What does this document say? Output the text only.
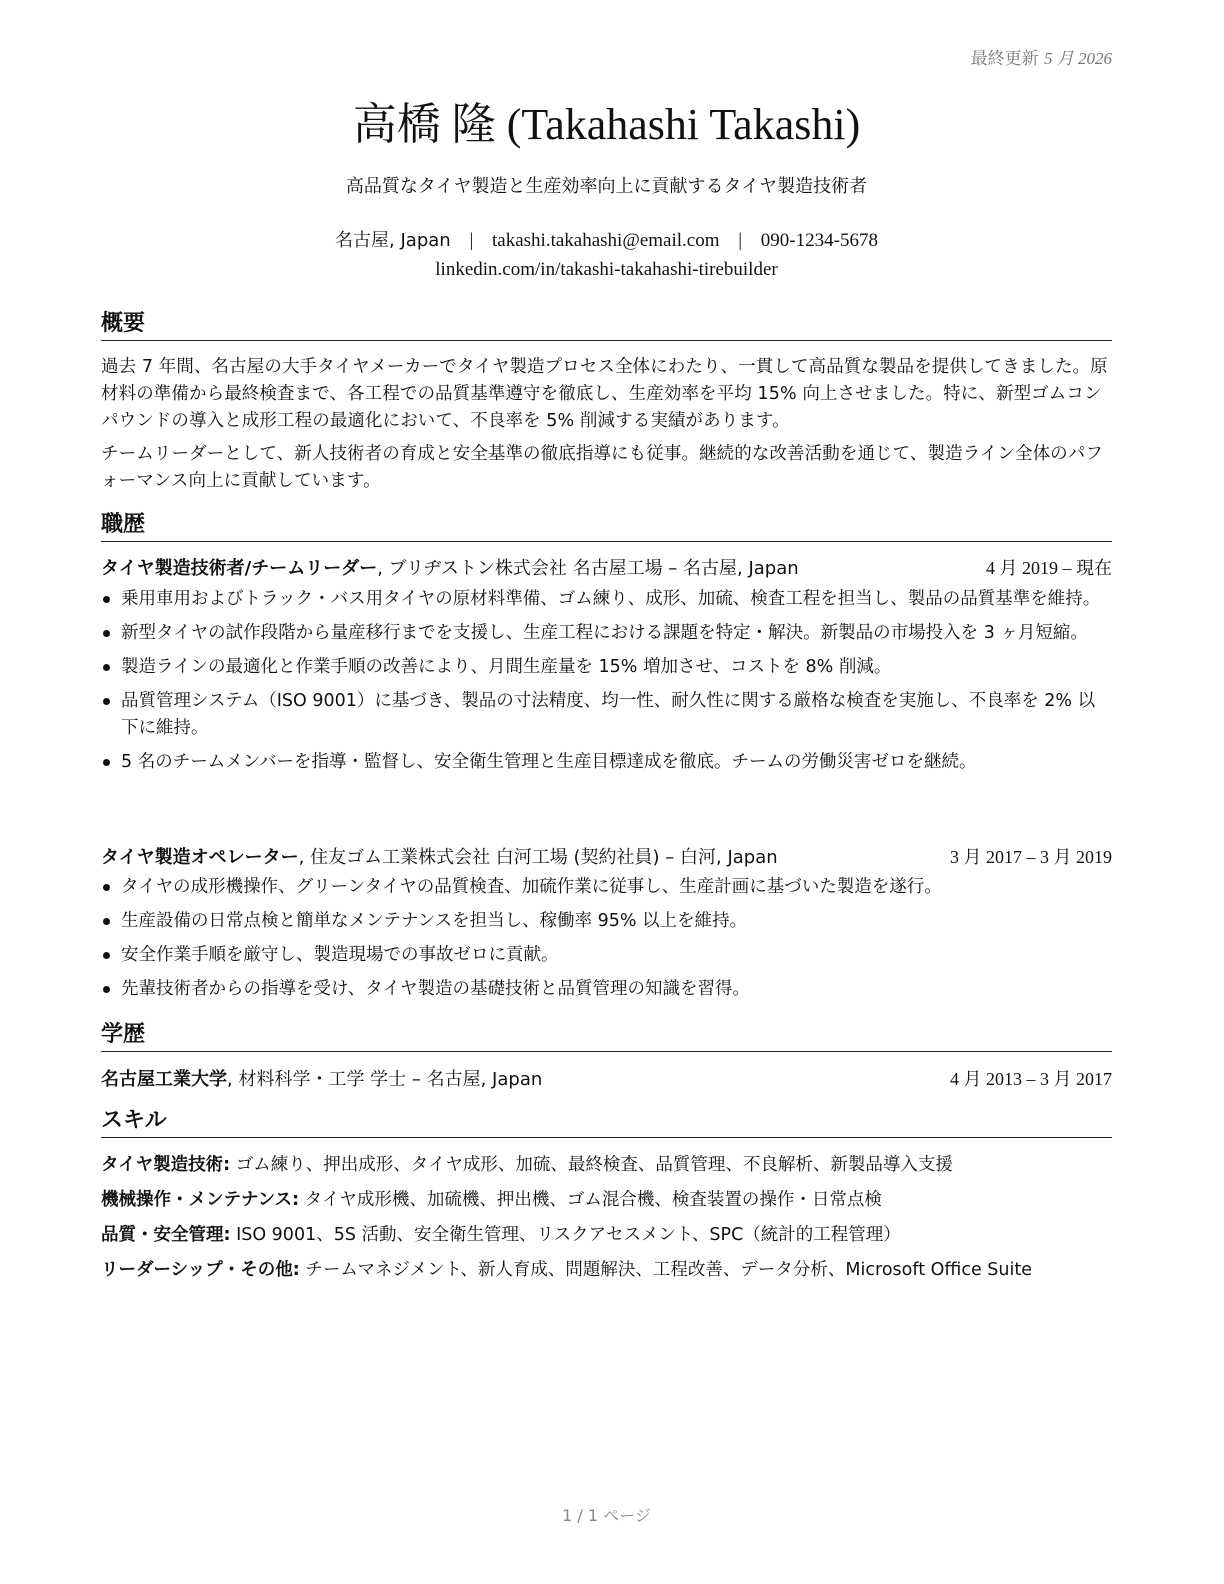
最終更新 5 月 2026
高橋 隆 (Takahashi Takashi)
高品質なタイヤ製造と生産効率向上に貢献するタイヤ製造技術者
名古屋, Japan | takashi.takahashi@email.com | 090-1234-5678
linkedin.com/in/takashi-takahashi-tirebuilder
概要
過去 7 年間、名古屋の大手タイヤメーカーでタイヤ製造プロセス全体にわたり、一貫して高品質な製品を提供してきました。原材料の準備から最終検査まで、各工程での品質基準遵守を徹底し、生産効率を平均 15% 向上させました。特に、新型ゴムコンパウンドの導入と成形工程の最適化において、不良率を 5% 削減する実績があります。
チームリーダーとして、新人技術者の育成と安全基準の徹底指導にも従事。継続的な改善活動を通じて、製造ライン全体のパフォーマンス向上に貢献しています。
職歴
タイヤ製造技術者/チームリーダー, ブリヂストン株式会社 名古屋工場 – 名古屋, Japan	4 月 2019 – 現在
乗用車用およびトラック・バス用タイヤの原材料準備、ゴム練り、成形、加硫、検査工程を担当し、製品の品質基準を維持。
新型タイヤの試作段階から量産移行までを支援し、生産工程における課題を特定・解決。新製品の市場投入を 3 ヶ月短縮。
製造ラインの最適化と作業手順の改善により、月間生産量を 15% 増加させ、コストを 8% 削減。
品質管理システム（ISO 9001）に基づき、製品の寸法精度、均一性、耐久性に関する厳格な検査を実施し、不良率を 2% 以下に維持。
5 名のチームメンバーを指導・監督し、安全衛生管理と生産目標達成を徹底。チームの労働災害ゼロを継続。
タイヤ製造オペレーター, 住友ゴム工業株式会社 白河工場 (契約社員) – 白河, Japan	3 月 2017 – 3 月 2019
タイヤの成形機操作、グリーンタイヤの品質検査、加硫作業に従事し、生産計画に基づいた製造を遂行。
生産設備の日常点検と簡単なメンテナンスを担当し、稼働率 95% 以上を維持。
安全作業手順を厳守し、製造現場での事故ゼロに貢献。
先輩技術者からの指導を受け、タイヤ製造の基礎技術と品質管理の知識を習得。
学歴
名古屋工業大学, 材料科学・工学 学士 – 名古屋, Japan	4 月 2013 – 3 月 2017
スキル
タイヤ製造技術: ゴム練り、押出成形、タイヤ成形、加硫、最終検査、品質管理、不良解析、新製品導入支援
機械操作・メンテナンス: タイヤ成形機、加硫機、押出機、ゴム混合機、検査装置の操作・日常点検
品質・安全管理: ISO 9001、5S 活動、安全衛生管理、リスクアセスメント、SPC（統計的工程管理）
リーダーシップ・その他: チームマネジメント、新人育成、問題解決、工程改善、データ分析、Microsoft Office Suite
1 / 1 ページ
